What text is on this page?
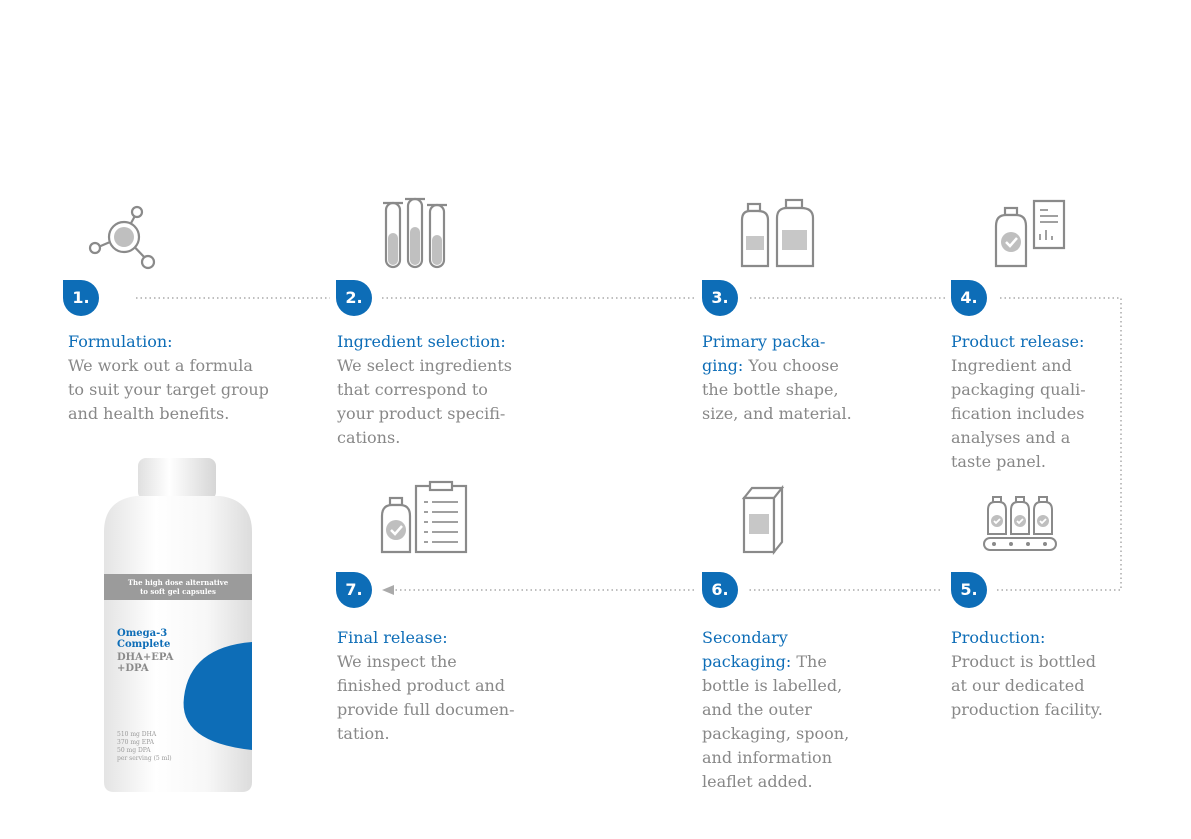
1.	2.	3.	4.
5.
6.
7.
Formulation:
We work out a formula
to suit your target group
and health benefits.
Ingredient selection:
We select ingredients
that correspond to
your product specifi-
cations.
Primary packa-
ging: You choose
the bottle shape,
size, and material.
Product release:
Ingredient and
packaging quali-
fication includes
analyses and a
taste panel.
Production:
Product is bottled
at our dedicated
production facility.
Secondary
packaging: The
bottle is labelled,
and the outer
packaging, spoon,
and information
leaflet added.
Final release:
We inspect the
finished product and
provide full documen-
tation.
The high dose alternative
to soft gel capsules
Omega-3
Complete
DHA+EPA
+DPA
510 mg DHA
370 mg EPA
50 mg DPA
per serving (5 ml)
